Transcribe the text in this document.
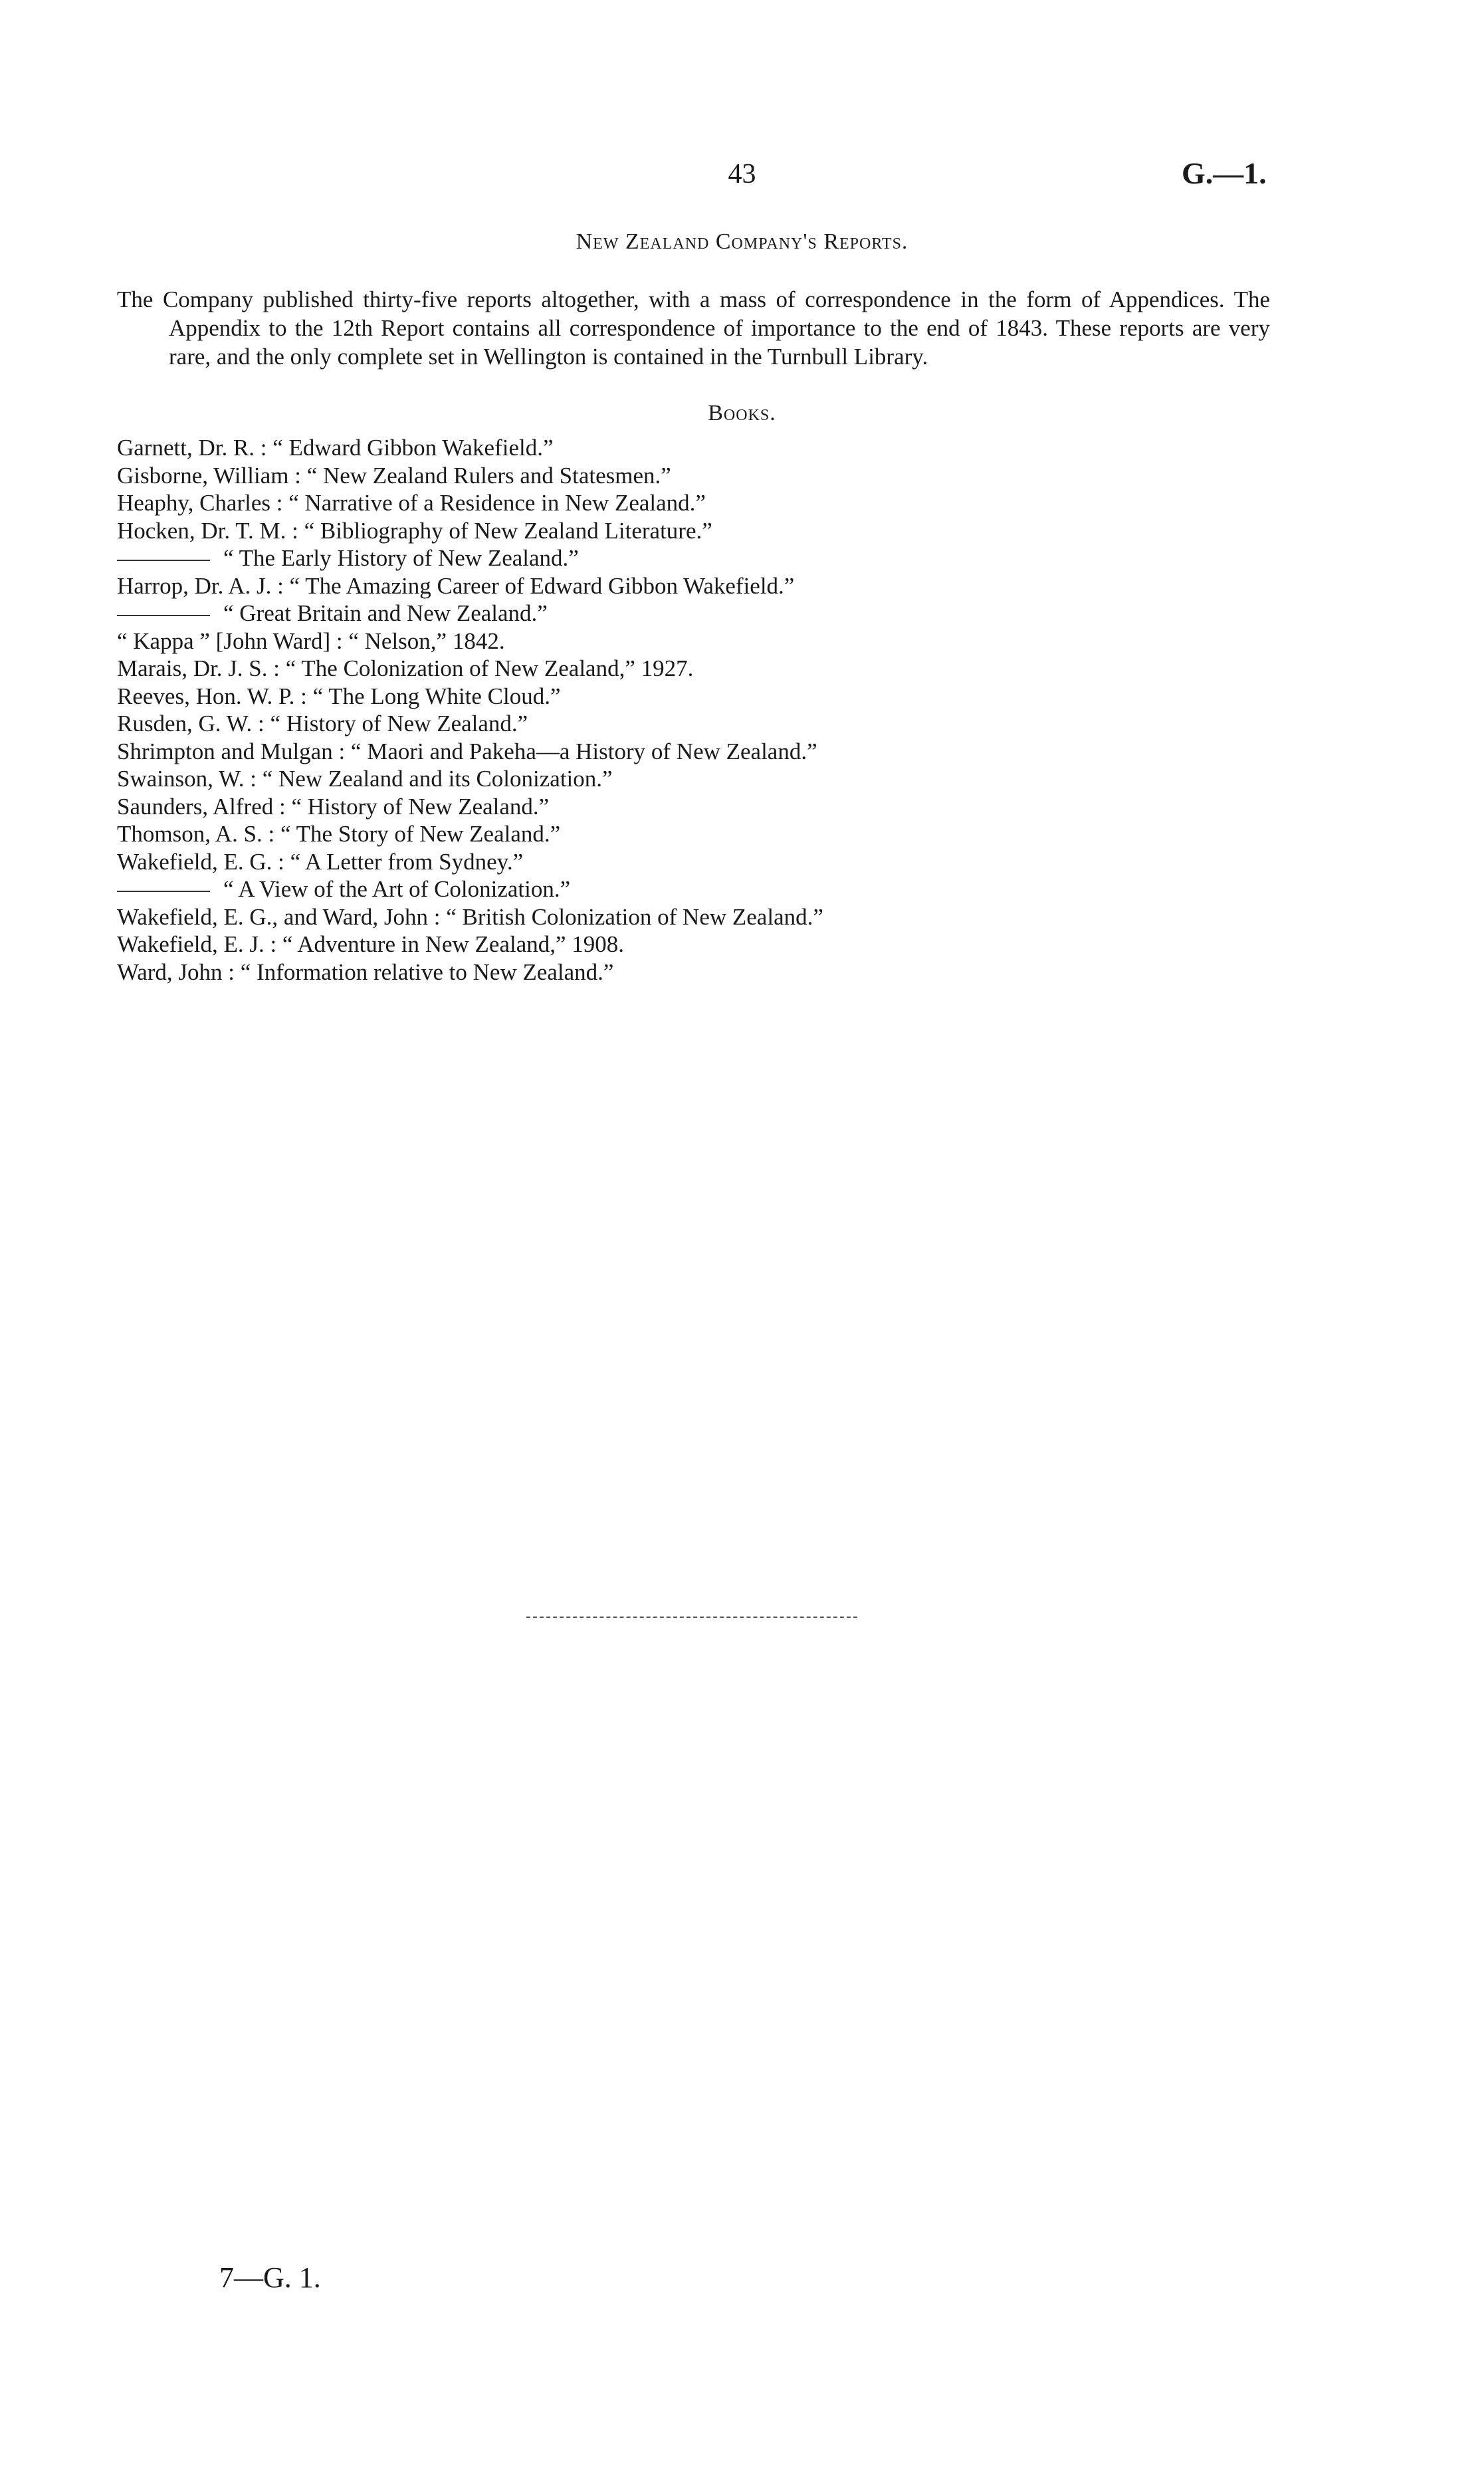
43	G.—1.
New Zealand Company's Reports.

The Company published thirty-five reports altogether, with a mass of correspondence in the form of Appendices. The Appendix to the 12th Report contains all correspondence of importance to the end of 1843. These reports are very rare, and the only complete set in Wellington is contained in the Turnbull Library.

Books.
Garnett, Dr. R. : “ Edward Gibbon Wakefield.”
Gisborne, William : “ New Zealand Rulers and Statesmen.”
Heaphy, Charles : “ Narrative of a Residence in New Zealand.”
Hocken, Dr. T. M. : “ Bibliography of New Zealand Literature.”
“ The Early History of New Zealand.”
Harrop, Dr. A. J. : “ The Amazing Career of Edward Gibbon Wakefield.”
“ Great Britain and New Zealand.”
“ Kappa ” [John Ward] : “ Nelson,” 1842.
Marais, Dr. J. S. : “ The Colonization of New Zealand,” 1927.
Reeves, Hon. W. P. : “ The Long White Cloud.”
Rusden, G. W. : “ History of New Zealand.”
Shrimpton and Mulgan : “ Maori and Pakeha—a History of New Zealand.”
Swainson, W. : “ New Zealand and its Colonization.”
Saunders, Alfred : “ History of New Zealand.”
Thomson, A. S. : “ The Story of New Zealand.”
Wakefield, E. G. : “ A Letter from Sydney.”
“ A View of the Art of Colonization.”
Wakefield, E. G., and Ward, John : “ British Colonization of New Zealand.”
Wakefield, E. J. : “ Adventure in New Zealand,” 1908.
Ward, John : “ Information relative to New Zealand.”
7—G. 1.
